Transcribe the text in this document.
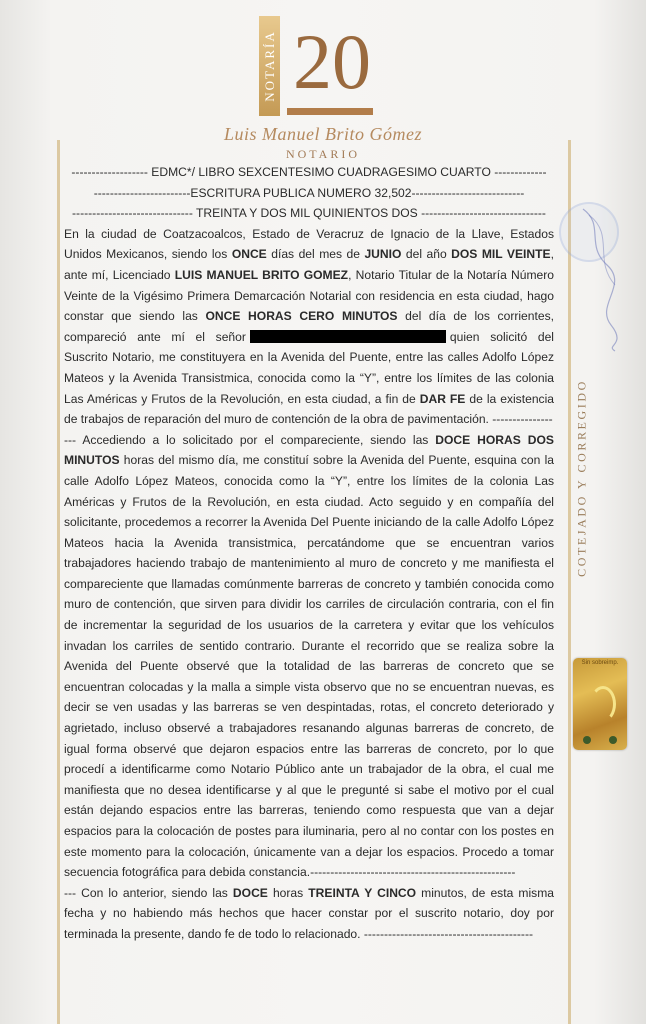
NOTARÍA 20
Luis Manuel Brito Gómez
NOTARIO
COTEJADO Y CORREGIDO
------------------- EDMC*/ LIBRO SEXCENTESIMO CUADRAGESIMO CUARTO -------------
------------------------ESCRITURA PUBLICA NUMERO 32,502----------------------------
------------------------------ TREINTA Y DOS MIL QUINIENTOS DOS -------------------------------
En la ciudad de Coatzacoalcos, Estado de Veracruz de Ignacio de la Llave, Estados Unidos Mexicanos, siendo los ONCE días del mes de JUNIO del año DOS MIL VEINTE, ante mí, Licenciado LUIS MANUEL BRITO GOMEZ, Notario Titular de la Notaría Número Veinte de la Vigésimo Primera Demarcación Notarial con residencia en esta ciudad, hago constar que siendo las ONCE HORAS CERO MINUTOS del día de los corrientes, compareció ante mí el señor	quien solicitó del Suscrito Notario, me constituyera en la Avenida del Puente, entre las calles Adolfo López Mateos y la Avenida Transistmica, conocida como la “Y”, entre los límites de las colonia Las Américas y Frutos de la Revolución, en esta ciudad, a fin de DAR FE de la existencia de trabajos de reparación del muro de contención de la obra de pavimentación. ---------------
--- Accediendo a lo solicitado por el compareciente, siendo las DOCE HORAS DOS MINUTOS horas del mismo día, me constituí sobre la Avenida del Puente, esquina con la calle Adolfo López Mateos, conocida como la “Y”, entre los límites de la colonia Las Américas y Frutos de la Revolución, en esta ciudad. Acto seguido y en compañía del solicitante, procedemos a recorrer la Avenida Del Puente iniciando de la calle Adolfo López Mateos hacia la Avenida transistmica, percatándome que se encuentran varios trabajadores haciendo trabajo de mantenimiento al muro de concreto y me manifiesta el compareciente que llamadas comúnmente barreras de concreto y también conocida como muro de contención, que sirven para dividir los carriles de circulación contraria, con el fin de incrementar la seguridad de los usuarios de la carretera y evitar que los vehículos invadan los carriles de sentido contrario. Durante el recorrido que se realiza sobre la Avenida del Puente observé que la totalidad de las barreras de concreto que se encuentran colocadas y la malla a simple vista observo que no se encuentran nuevas, es decir se ven usadas y las barreras se ven despintadas, rotas, el concreto deteriorado y agrietado, incluso observé a trabajadores resanando algunas barreras de concreto, de igual forma observé que dejaron espacios entre las barreras de concreto, por lo que procedí a identificarme como Notario Público ante un trabajador de la obra, el cual me manifiesta que no desea identificarse y al que le pregunté si sabe el motivo por el cual están dejando espacios entre las barreras, teniendo como respuesta que van a dejar espacios para la colocación de postes para iluminaria, pero al no contar con los postes en este momento para la colocación, únicamente van a dejar los espacios. Procedo a tomar secuencia fotográfica para debida constancia.---------------------------------------------------
--- Con lo anterior, siendo las DOCE horas TREINTA Y CINCO minutos, de esta misma fecha y no habiendo más hechos que hacer constar por el suscrito notario, doy por terminada la presente, dando fe de todo lo relacionado. ------------------------------------------
Sin sobreimp.
